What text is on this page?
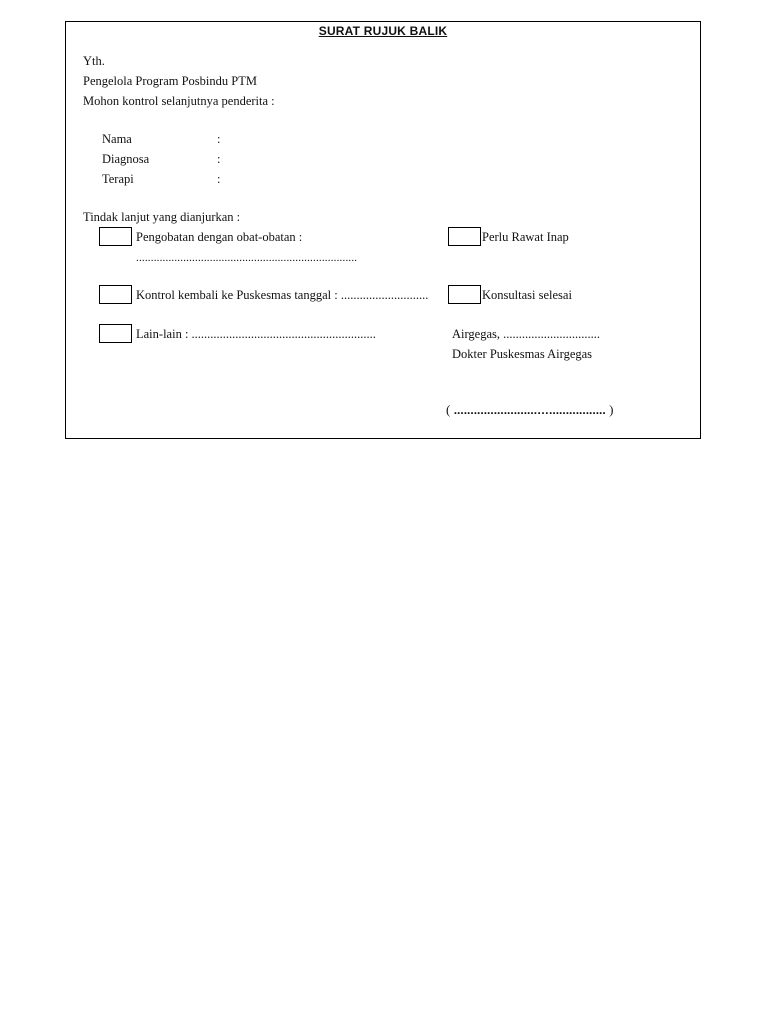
SURAT RUJUK BALIK
Yth.
Pengelola Program Posbindu PTM
Mohon kontrol selanjutnya penderita :
Nama	:
Diagnosa	:
Terapi	:
Tindak lanjut yang dianjurkan :
Pengobatan dengan obat-obatan :
...........................................................................
Perlu Rawat Inap
Kontrol kembali ke Puskesmas tanggal : ............................	Konsultasi selesai
Lain-lain : ...........................................................	Airgegas, ...............................
Dokter Puskesmas Airgegas
( .........................…................. )
